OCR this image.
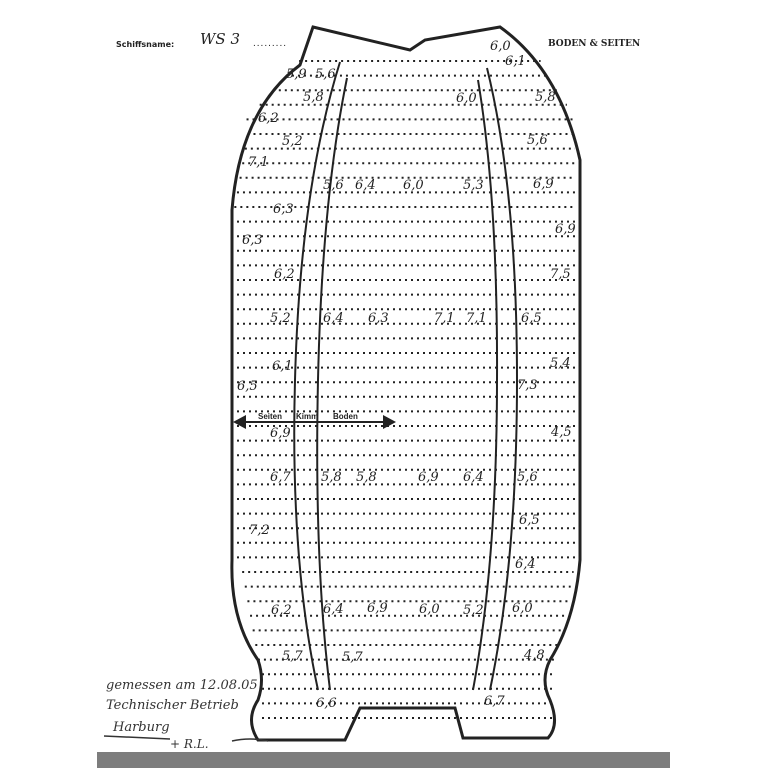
Schiffsname: WS 3 .........	BODEN & SEITEN
Seiten Kimm Boden
6,0
6,1
5,9 5,6
5,8	6,0	5,8
6,2
5,2	5,6
7,1
5,6 6,4 6,0	5,3	6,9
6,3
6,9
6,3
6,2	7,5
5,2 6,4 6,3	7,1 7,1	6,5
6,1	5,4
6,5	7,3
6,9	4,5
6,7 5,8 5,8	6,9 6,4	5,6
6,5
7,2
6,4
6,2 6,4 6,9 6,0 5,2 6,0
5,7	5,7	4,8
6,6	6,7
+ R.L.
gemessen am 12.08.05
Technischer Betrieb
Harburg
